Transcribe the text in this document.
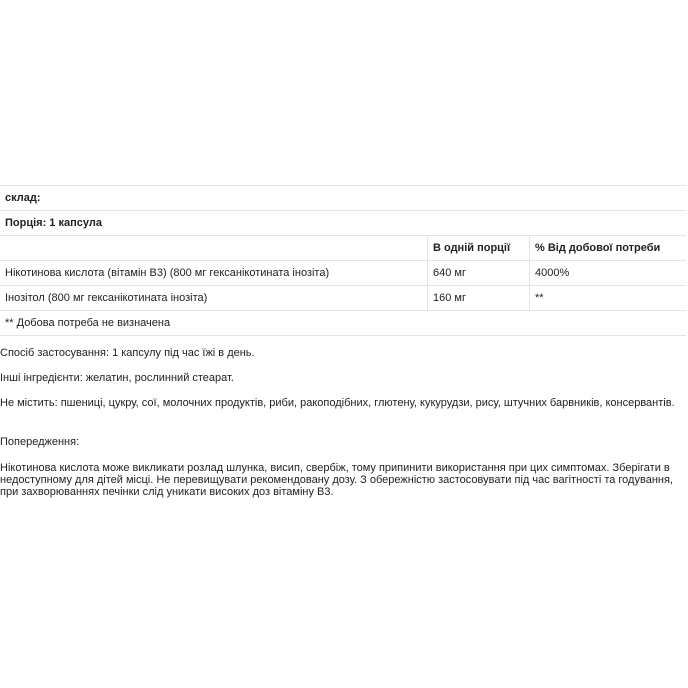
склад:		
Порція: 1 капсула		
	В одній порції	% Від добової потреби
Нікотинова кислота (вітамін В3) (800 мг гексанікотината інозіта)	640 мг	4000%
Інозітол (800 мг гексанікотината інозіта)	160 мг	**
** Добова потреба не визначена		
Спосіб застосування: 1 капсулу під час їжі в день.
Інші інгредієнти: желатин, рослинний стеарат.
Не містить: пшениці, цукру, сої, молочних продуктів, риби, ракоподібних, глютену, кукурудзи, рису, штучних барвників, консервантів.
Попередження:
Нікотинова кислота може викликати розлад шлунка, висип, свербіж, тому припинити використання при цих симптомах. Зберігати в недоступному для дітей місці. Не перевищувати рекомендовану дозу. З обережністю застосовувати під час вагітності та годування, при захворюваннях печінки слід уникати високих доз вітаміну В3.
